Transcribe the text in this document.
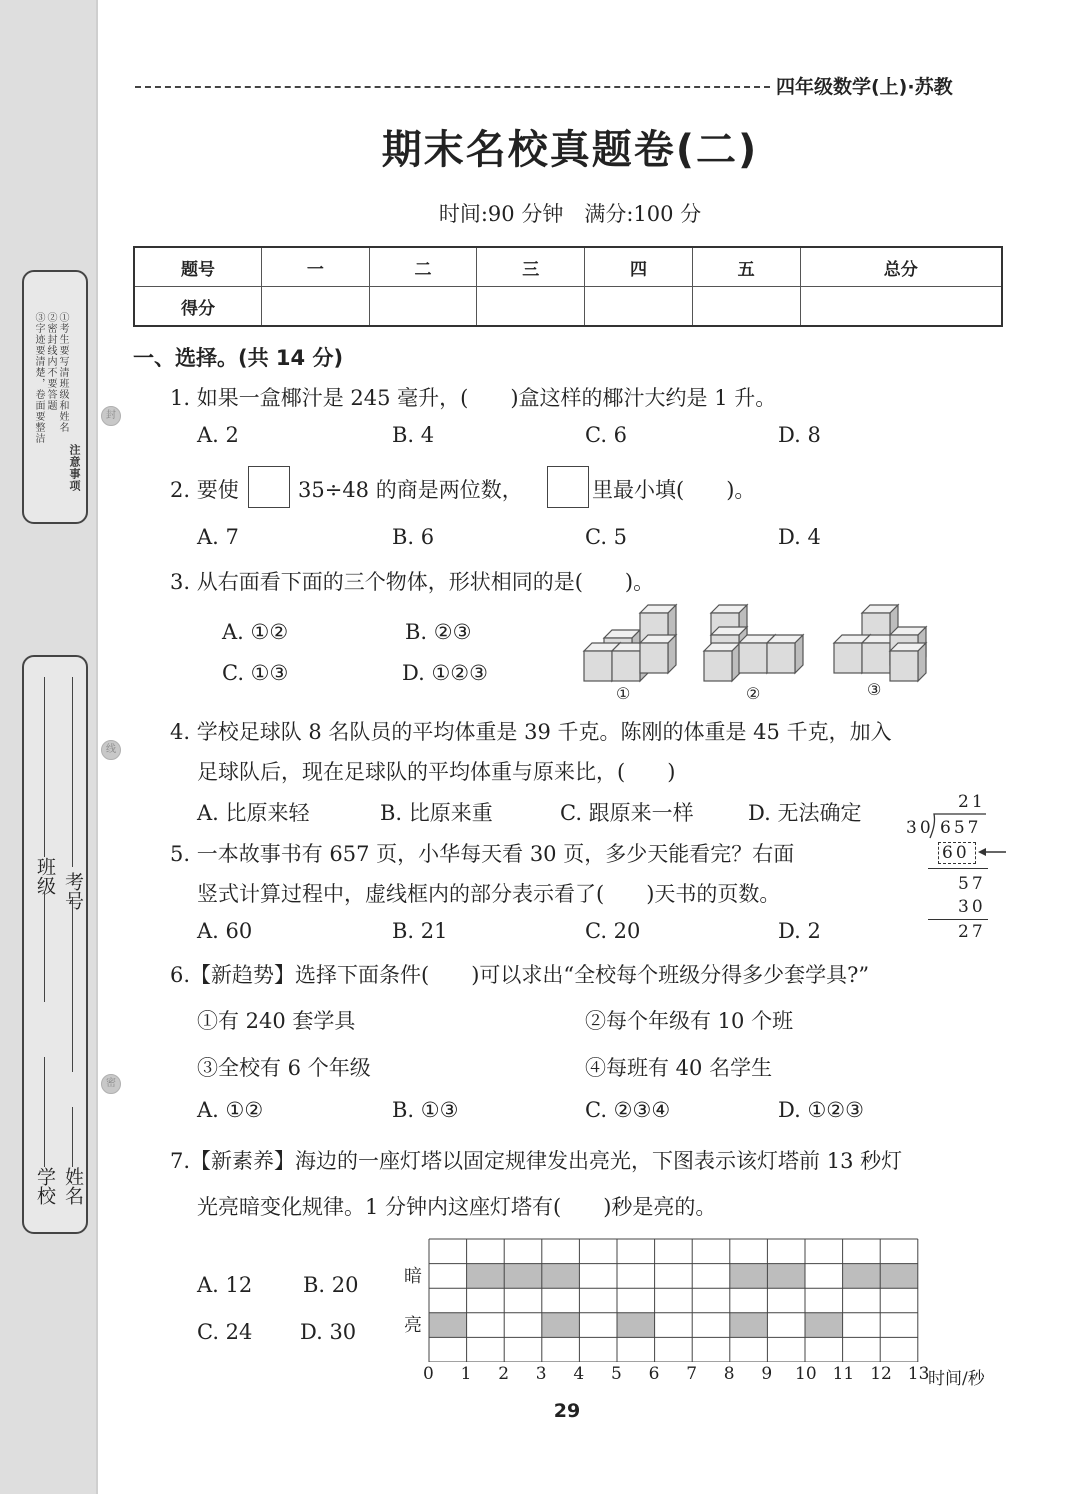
注意事项
③字迹要清楚，卷面要整洁 ②密封线内不要答题 ①考生要写清班级和姓名	封
线
密
班级 考号
学校 姓名
四年级数学(上)·苏教
期末名校真题卷(二)
时间:90 分钟　满分:100 分
题号	一	二	三	四	五	总分
得分						
一、选择。(共 14 分)
1. 如果一盒椰汁是 245 毫升，(　　)盒这样的椰汁大约是 1 升。
A. 2	B. 4	C. 6	D. 8
2. 要使	35÷48 的商是两位数，	里最小填(　　)。
A. 7	B. 6	C. 5	D. 4
3. 从右面看下面的三个物体，形状相同的是(　　)。
A. ①②	B. ②③
C. ①③	D. ①②③
①	②	③
4. 学校足球队 8 名队员的平均体重是 39 千克。陈刚的体重是 45 千克，加入
足球队后，现在足球队的平均体重与原来比，(　　)
A. 比原来轻	B. 比原来重	C. 跟原来一样	D. 无法确定
5. 一本故事书有 657 页，小华每天看 30 页，多少天能看完？右面
竖式计算过程中，虚线框内的部分表示看了(　　)天书的页数。
A. 60	B. 21	C. 20	D. 2
21
30 657
60
57
30
27
6.【新趋势】选择下面条件(　　)可以求出“全校每个班级分得多少套学具?”
①有 240 套学具	②每个年级有 10 个班
③全校有 6 个年级	④每班有 40 名学生
A. ①②	B. ①③	C. ②③④	D. ①②③
7.【新素养】海边的一座灯塔以固定规律发出亮光，下图表示该灯塔前 13 秒灯
光亮暗变化规律。1 分钟内这座灯塔有(　　)秒是亮的。
A. 12 B. 20
C. 24 D. 30
暗
亮
0 1 2 3 4 5 6 7 8 9 10 11 12 13
时间/秒
29
